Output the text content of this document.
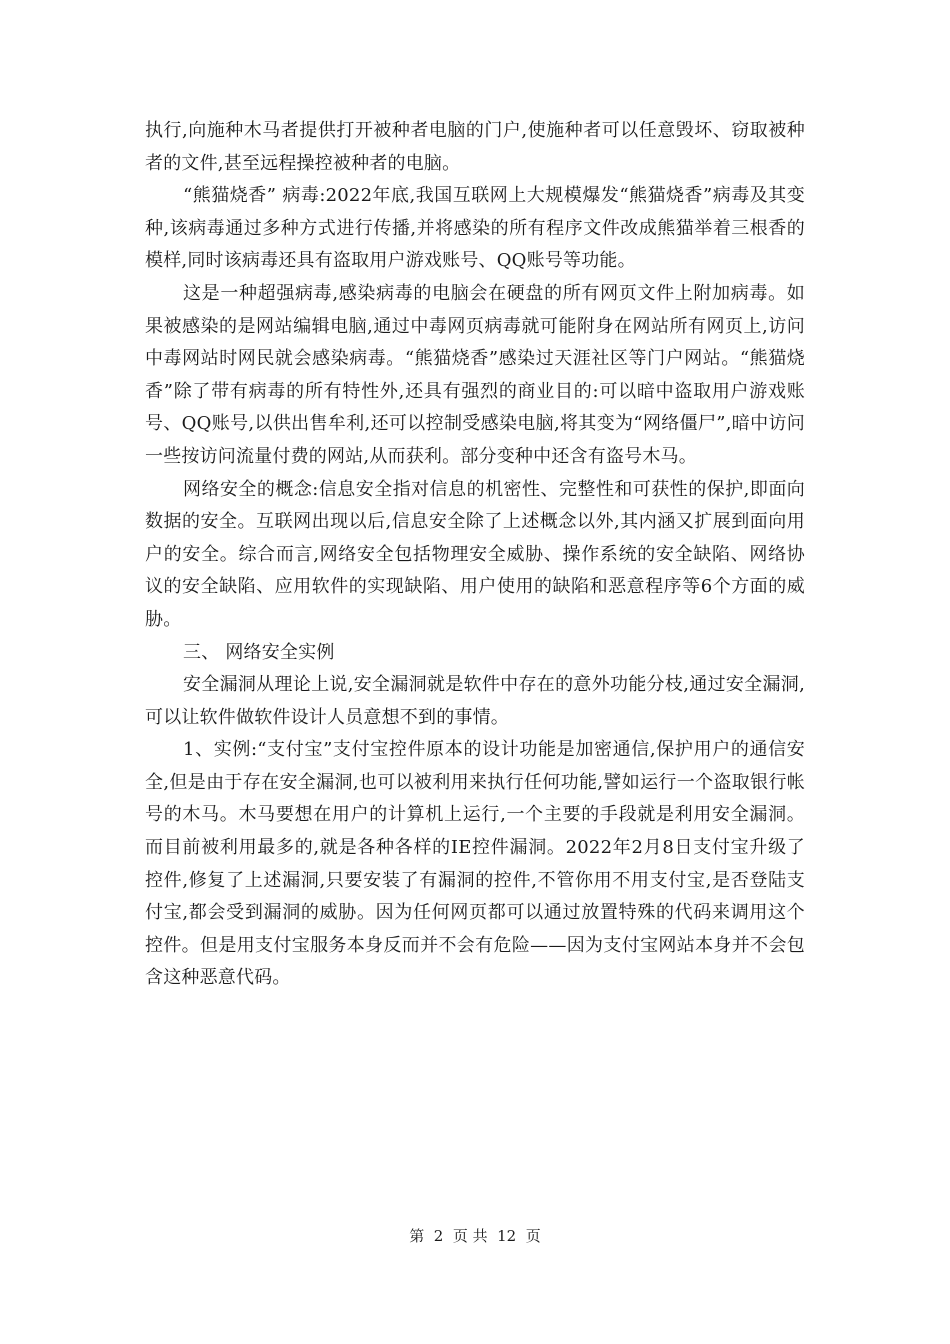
执行,向施种木马者提供打开被种者电脑的门户,使施种者可以任意毁坏、窃取被种者的文件,甚至远程操控被种者的电脑。

“熊猫烧香” 病毒:2022年底,我国互联网上大规模爆发“熊猫烧香”病毒及其变种,该病毒通过多种方式进行传播,并将感染的所有程序文件改成熊猫举着三根香的模样,同时该病毒还具有盗取用户游戏账号、QQ账号等功能。

这是一种超强病毒,感染病毒的电脑会在硬盘的所有网页文件上附加病毒。如果被感染的是网站编辑电脑,通过中毒网页病毒就可能附身在网站所有网页上,访问中毒网站时网民就会感染病毒。“熊猫烧香”感染过天涯社区等门户网站。“熊猫烧香”除了带有病毒的所有特性外,还具有强烈的商业目的:可以暗中盗取用户游戏账号、QQ账号,以供出售牟利,还可以控制受感染电脑,将其变为“网络僵尸”,暗中访问一些按访问流量付费的网站,从而获利。部分变种中还含有盗号木马。

网络安全的概念:信息安全指对信息的机密性、完整性和可获性的保护,即面向数据的安全。互联网出现以后,信息安全除了上述概念以外,其内涵又扩展到面向用户的安全。综合而言,网络安全包括物理安全威胁、操作系统的安全缺陷、网络协议的安全缺陷、应用软件的实现缺陷、用户使用的缺陷和恶意程序等6个方面的威胁。

三、 网络安全实例

安全漏洞从理论上说,安全漏洞就是软件中存在的意外功能分枝,通过安全漏洞,可以让软件做软件设计人员意想不到的事情。

1、实例:“支付宝”支付宝控件原本的设计功能是加密通信,保护用户的通信安全,但是由于存在安全漏洞,也可以被利用来执行任何功能,譬如运行一个盗取银行帐号的木马。木马要想在用户的计算机上运行,一个主要的手段就是利用安全漏洞。而目前被利用最多的,就是各种各样的IE控件漏洞。2022年2月8日支付宝升级了控件,修复了上述漏洞,只要安装了有漏洞的控件,不管你用不用支付宝,是否登陆支付宝,都会受到漏洞的威胁。因为任何网页都可以通过放置特殊的代码来调用这个控件。但是用支付宝服务本身反而并不会有危险——因为支付宝网站本身并不会包含这种恶意代码。

第  2  页 共  12  页
